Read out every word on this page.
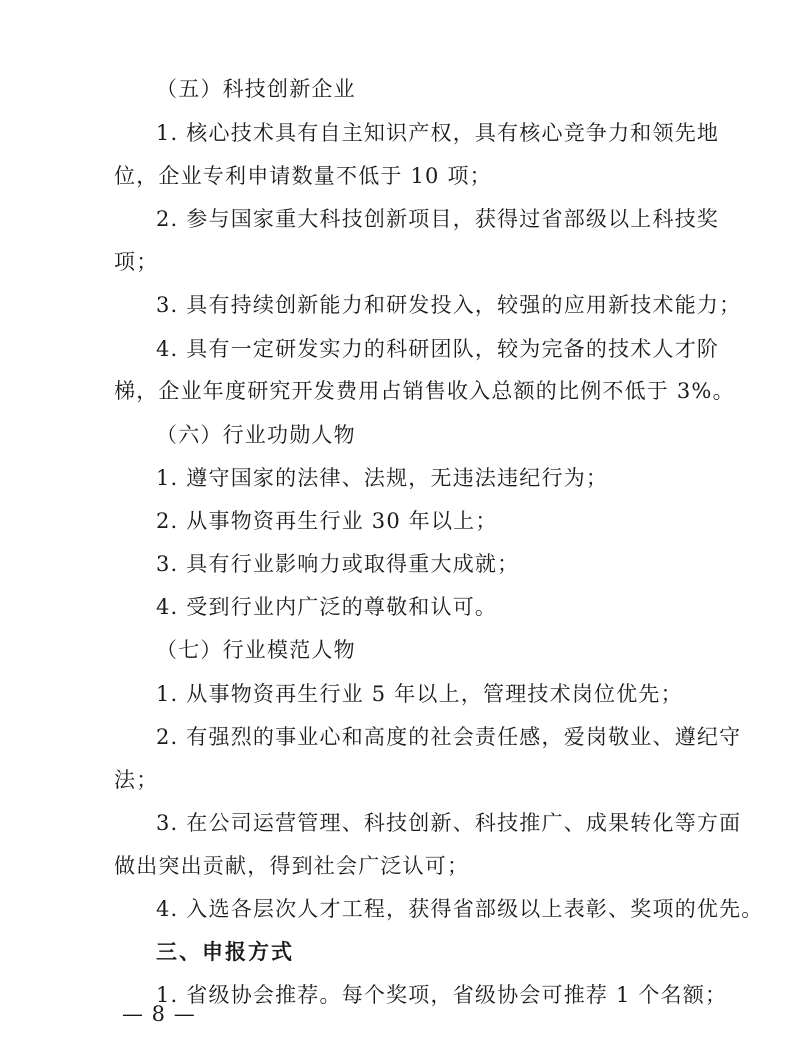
（五）科技创新企业
1. 核心技术具有自主知识产权，具有核心竞争力和领先地
位，企业专利申请数量不低于 10 项；
2. 参与国家重大科技创新项目，获得过省部级以上科技奖
项；
3. 具有持续创新能力和研发投入，较强的应用新技术能力；
4. 具有一定研发实力的科研团队，较为完备的技术人才阶
梯，企业年度研究开发费用占销售收入总额的比例不低于 3%。
（六）行业功勋人物
1. 遵守国家的法律、法规，无违法违纪行为；
2. 从事物资再生行业 30 年以上；
3. 具有行业影响力或取得重大成就；
4. 受到行业内广泛的尊敬和认可。
（七）行业模范人物
1. 从事物资再生行业 5 年以上，管理技术岗位优先；
2. 有强烈的事业心和高度的社会责任感，爱岗敬业、遵纪守
法；
3. 在公司运营管理、科技创新、科技推广、成果转化等方面
做出突出贡献，得到社会广泛认可；
4. 入选各层次人才工程，获得省部级以上表彰、奖项的优先。
三、申报方式
1. 省级协会推荐。每个奖项，省级协会可推荐 1 个名额；
— 8 —
